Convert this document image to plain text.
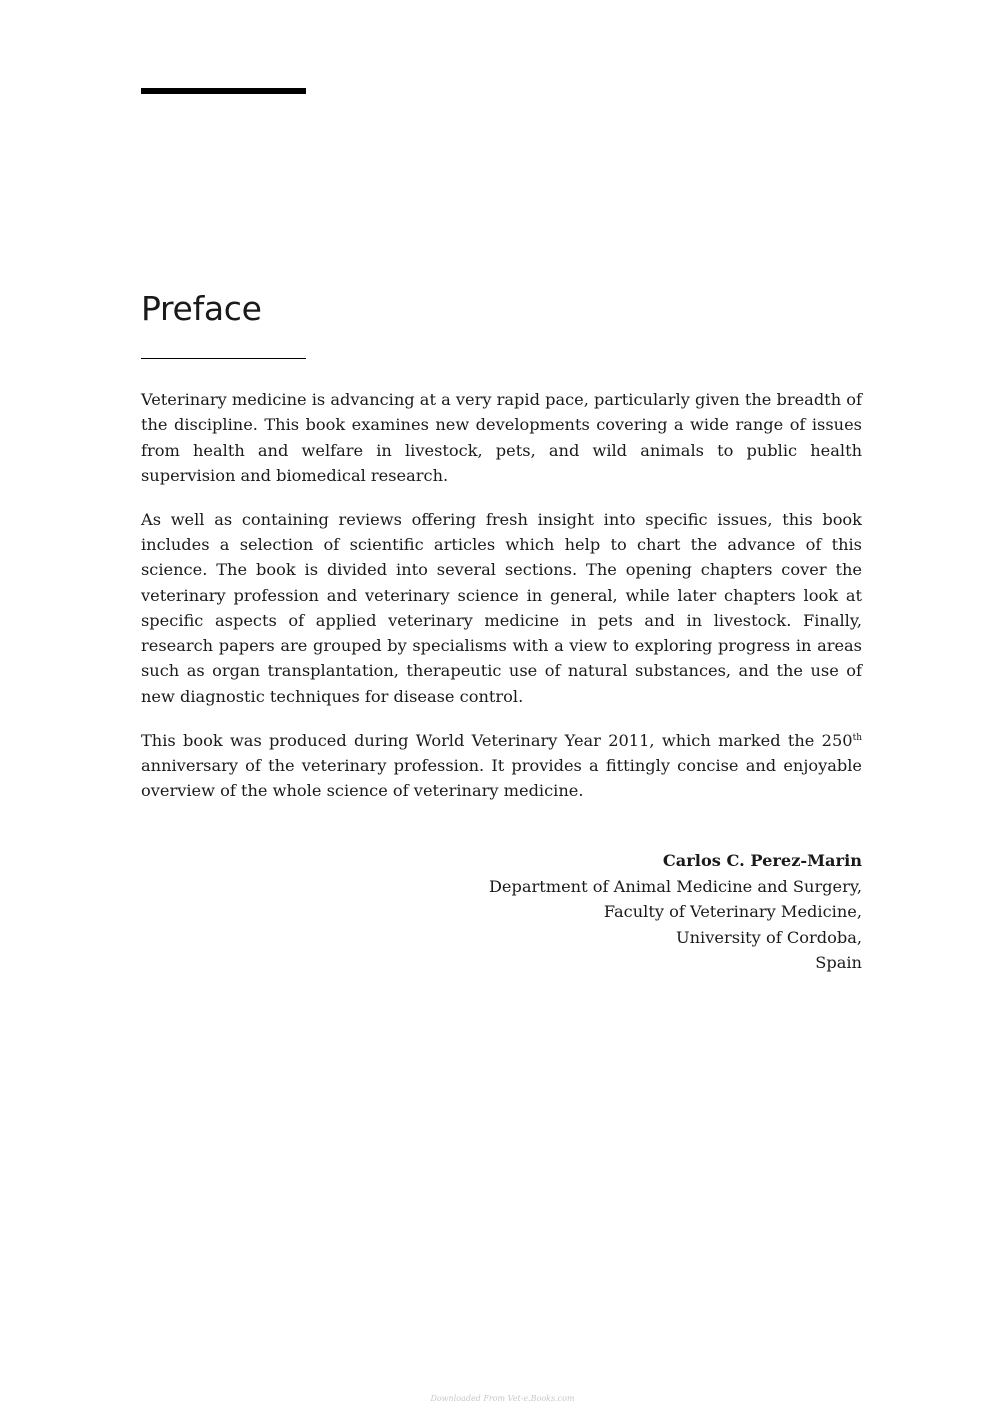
Preface

Veterinary medicine is advancing at a very rapid pace, particularly given the breadth of the discipline. This book examines new developments covering a wide range of issues from health and welfare in livestock, pets, and wild animals to public health supervision and biomedical research.

As well as containing reviews offering fresh insight into specific issues, this book includes a selection of scientific articles which help to chart the advance of this science. The book is divided into several sections. The opening chapters cover the veterinary profession and veterinary science in general, while later chapters look at specific aspects of applied veterinary medicine in pets and in livestock. Finally, research papers are grouped by specialisms with a view to exploring progress in areas such as organ transplantation, therapeutic use of natural substances, and the use of new diagnostic techniques for disease control.

This book was produced during World Veterinary Year 2011, which marked the 250th anniversary of the veterinary profession. It provides a fittingly concise and enjoyable overview of the whole science of veterinary medicine.

Carlos C. Perez-Marin
Department of Animal Medicine and Surgery,
Faculty of Veterinary Medicine,
University of Cordoba,
Spain
Downloaded From Vet-e.Books.com
